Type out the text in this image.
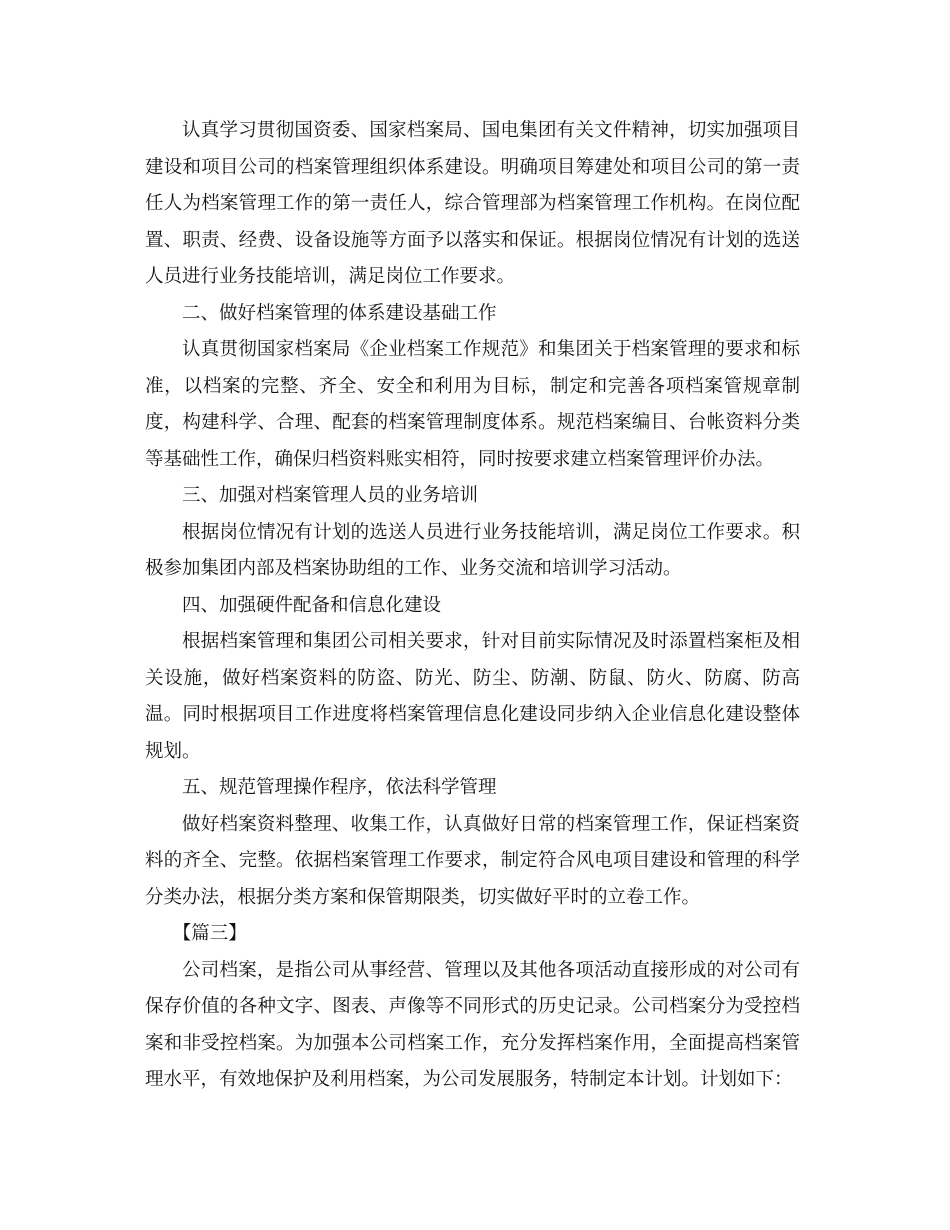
认真学习贯彻国资委、国家档案局、国电集团有关文件精神，切实加强项目建设和项目公司的档案管理组织体系建设。明确项目筹建处和项目公司的第一责任人为档案管理工作的第一责任人，综合管理部为档案管理工作机构。在岗位配置、职责、经费、设备设施等方面予以落实和保证。根据岗位情况有计划的选送人员进行业务技能培训，满足岗位工作要求。

二、做好档案管理的体系建设基础工作

认真贯彻国家档案局《企业档案工作规范》和集团关于档案管理的要求和标准，以档案的完整、齐全、安全和利用为目标，制定和完善各项档案管规章制度，构建科学、合理、配套的档案管理制度体系。规范档案编目、台帐资料分类等基础性工作，确保归档资料账实相符，同时按要求建立档案管理评价办法。

三、加强对档案管理人员的业务培训

根据岗位情况有计划的选送人员进行业务技能培训，满足岗位工作要求。积极参加集团内部及档案协助组的工作、业务交流和培训学习活动。

四、加强硬件配备和信息化建设

根据档案管理和集团公司相关要求，针对目前实际情况及时添置档案柜及相关设施，做好档案资料的防盗、防光、防尘、防潮、防鼠、防火、防腐、防高温。同时根据项目工作进度将档案管理信息化建设同步纳入企业信息化建设整体规划。

五、规范管理操作程序，依法科学管理

做好档案资料整理、收集工作，认真做好日常的档案管理工作，保证档案资料的齐全、完整。依据档案管理工作要求，制定符合风电项目建设和管理的科学分类办法，根据分类方案和保管期限类，切实做好平时的立卷工作。

【篇三】

公司档案，是指公司从事经营、管理以及其他各项活动直接形成的对公司有保存价值的各种文字、图表、声像等不同形式的历史记录。公司档案分为受控档案和非受控档案。为加强本公司档案工作，充分发挥档案作用，全面提高档案管理水平，有效地保护及利用档案，为公司发展服务，特制定本计划。计划如下：
